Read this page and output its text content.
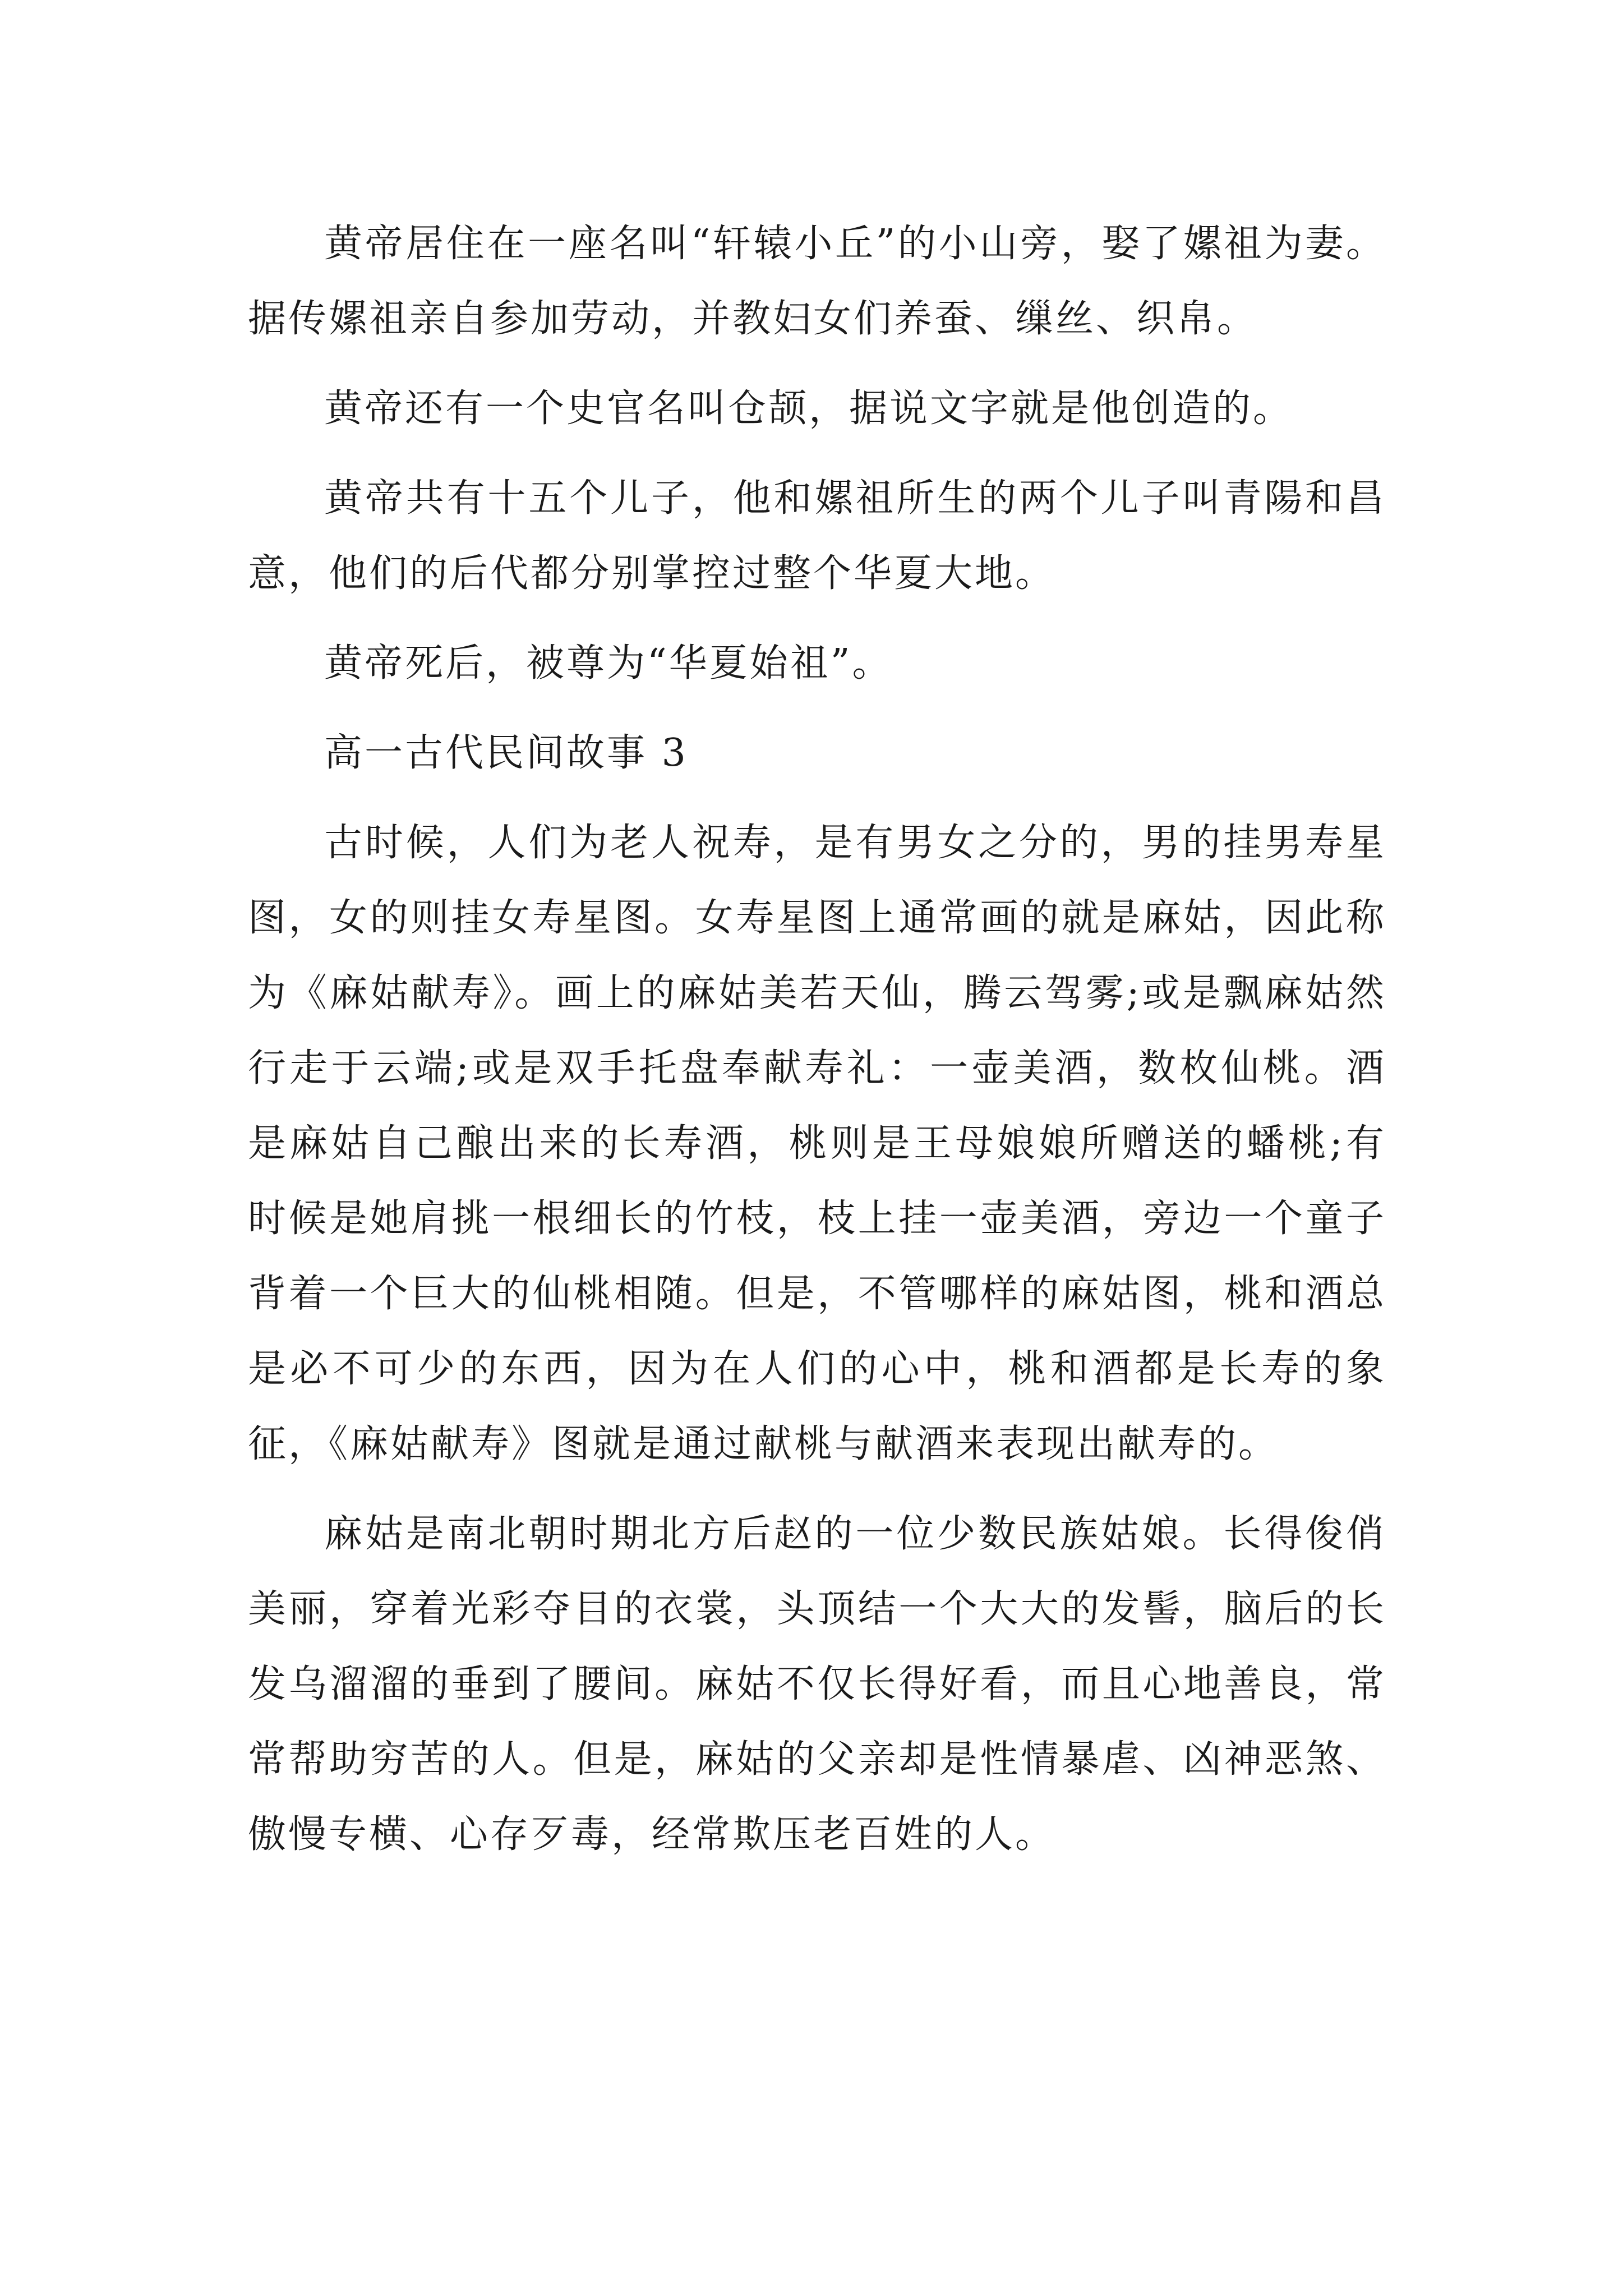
黄帝居住在一座名叫“轩辕小丘”的小山旁，娶了嫘祖为妻。据传嫘祖亲自参加劳动，并教妇女们养蚕、缫丝、织帛。

黄帝还有一个史官名叫仓颉，据说文字就是他创造的。

黄帝共有十五个儿子，他和嫘祖所生的两个儿子叫青陽和昌意，他们的后代都分别掌控过整个华夏大地。

黄帝死后，被尊为“华夏始祖”。

高一古代民间故事 3

古时候，人们为老人祝寿，是有男女之分的，男的挂男寿星图，女的则挂女寿星图。女寿星图上通常画的就是麻姑，因此称为《麻姑献寿》。画上的麻姑美若天仙，腾云驾雾;或是飘麻姑然行走于云端;或是双手托盘奉献寿礼：一壶美酒，数枚仙桃。酒是麻姑自己酿出来的长寿酒，桃则是王母娘娘所赠送的蟠桃;有时候是她肩挑一根细长的竹枝，枝上挂一壶美酒，旁边一个童子背着一个巨大的仙桃相随。但是，不管哪样的麻姑图，桃和酒总是必不可少的东西，因为在人们的心中，桃和酒都是长寿的象征，《麻姑献寿》图就是通过献桃与献酒来表现出献寿的。

麻姑是南北朝时期北方后赵的一位少数民族姑娘。长得俊俏美丽，穿着光彩夺目的衣裳，头顶结一个大大的发髻，脑后的长发乌溜溜的垂到了腰间。麻姑不仅长得好看，而且心地善良，常常帮助穷苦的人。但是，麻姑的父亲却是性情暴虐、凶神恶煞、傲慢专横、心存歹毒，经常欺压老百姓的人。
